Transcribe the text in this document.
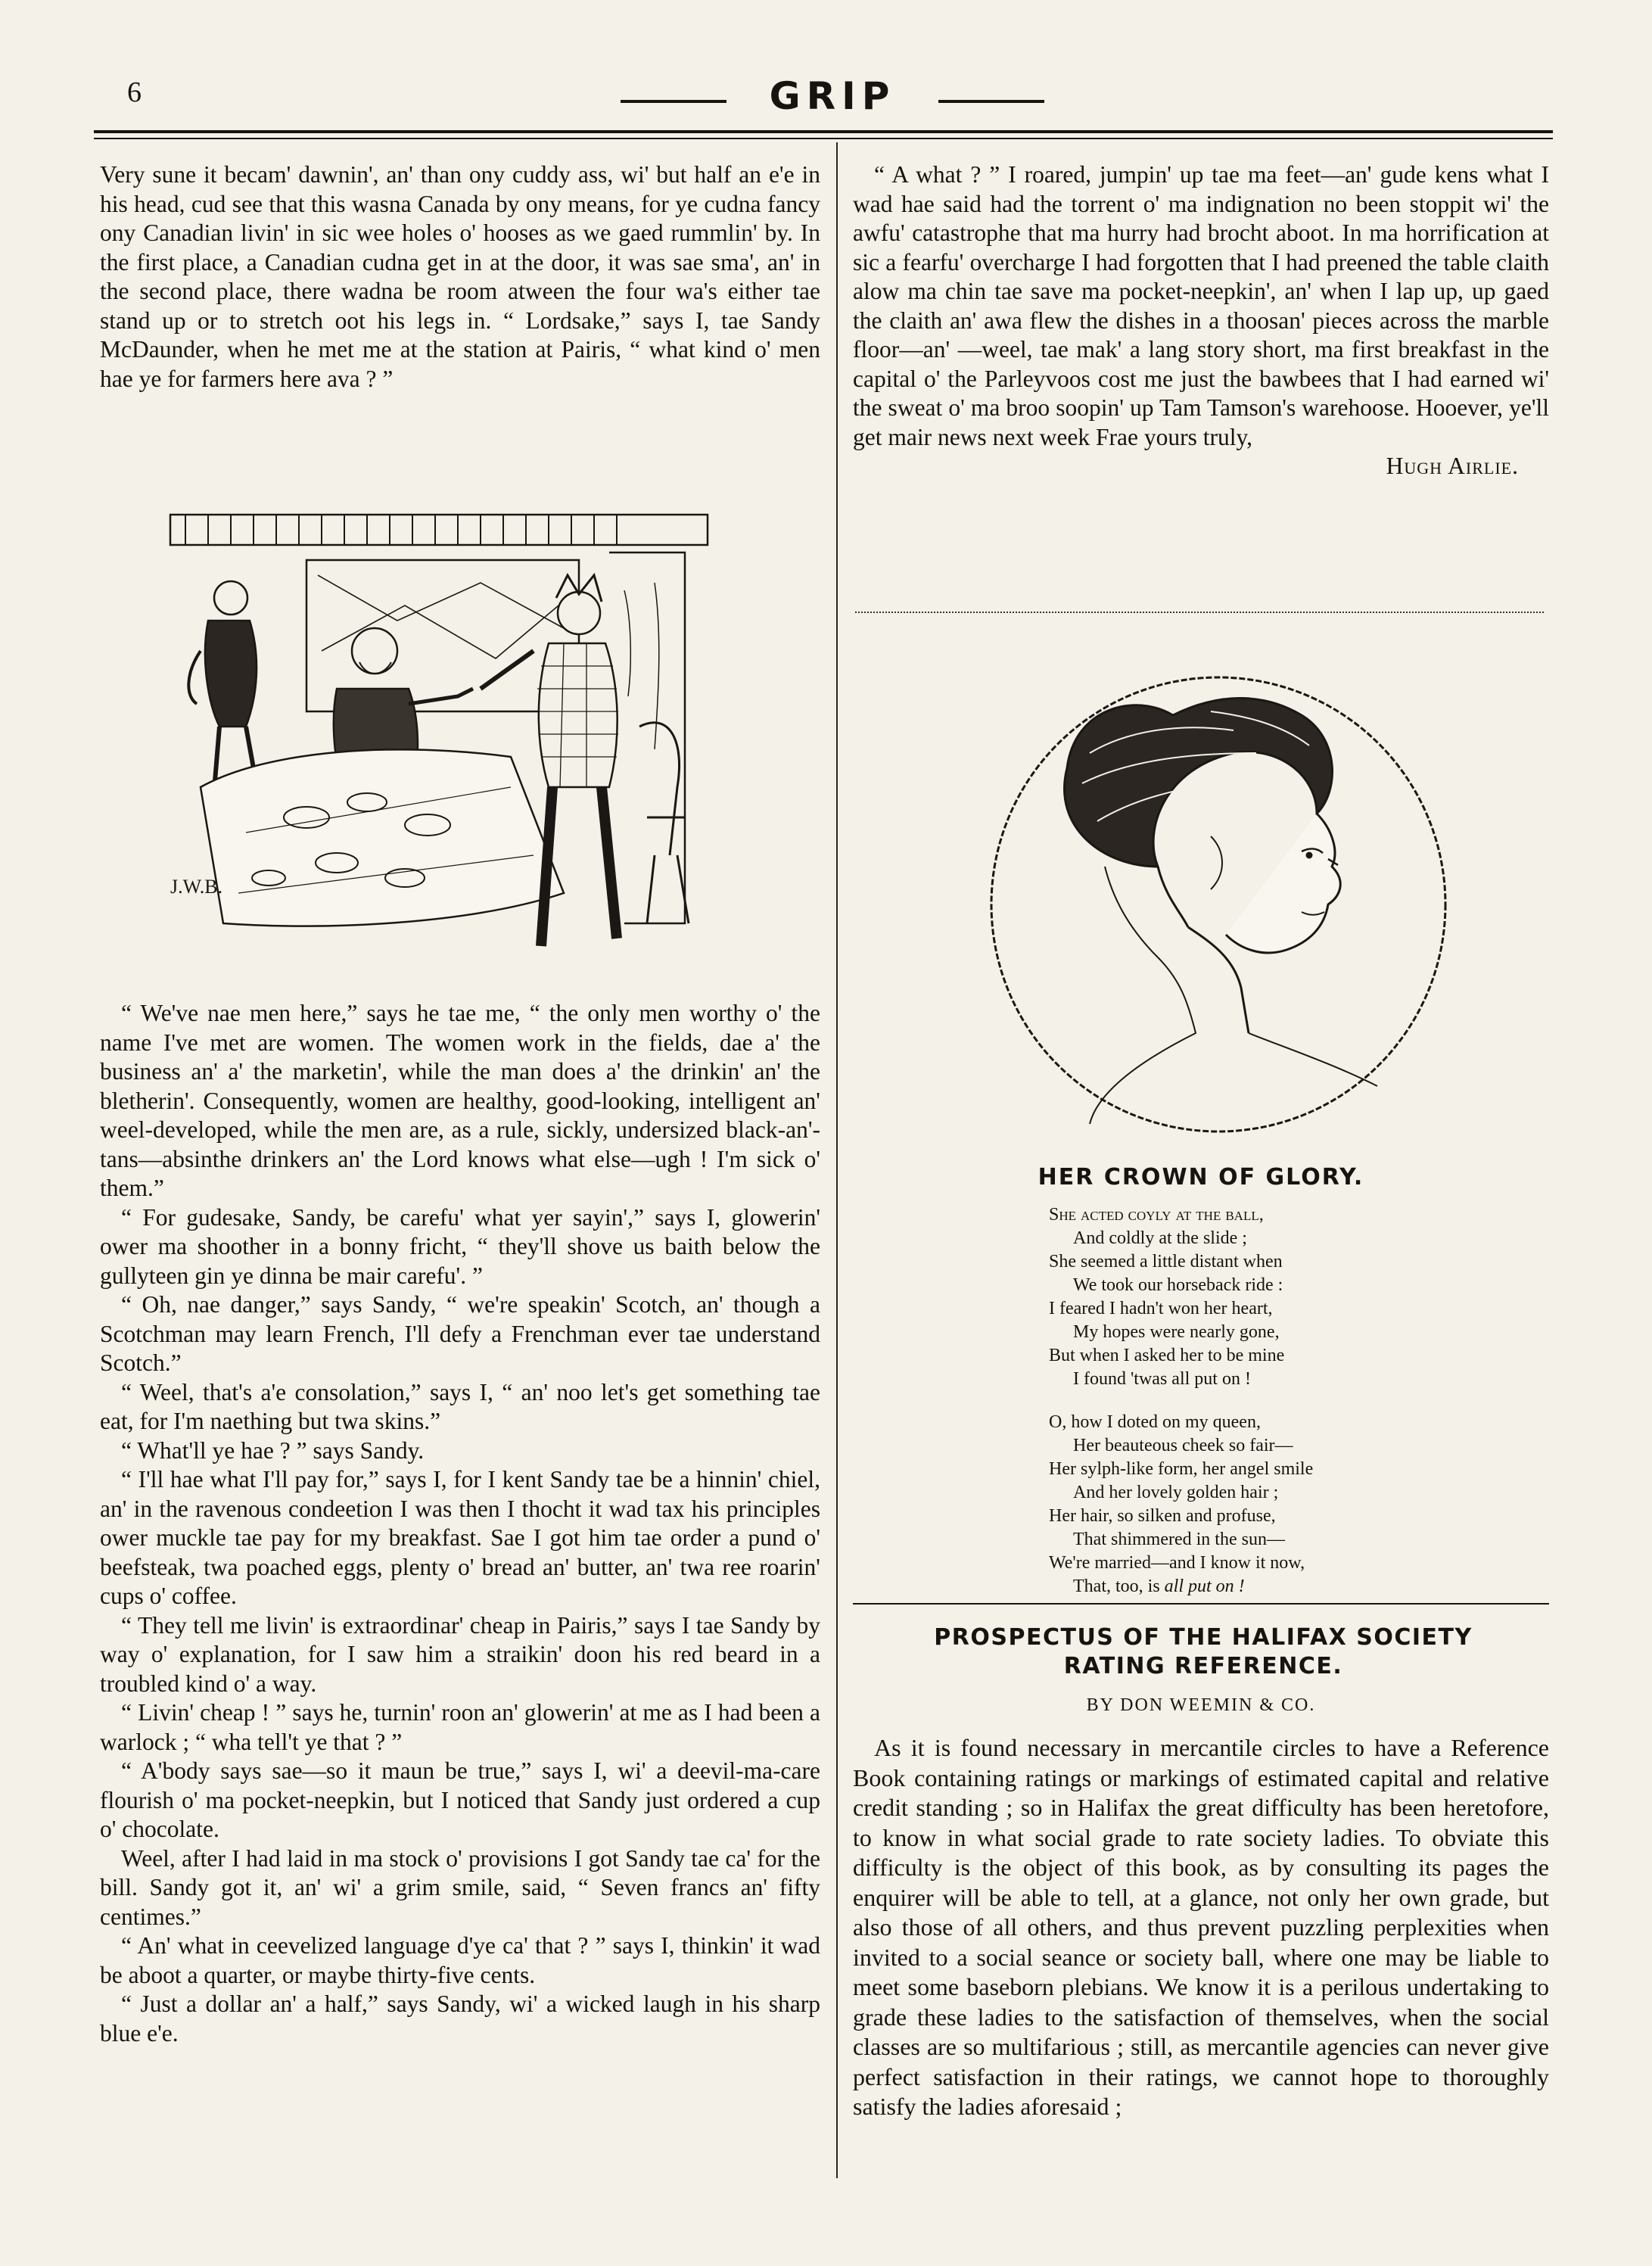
6	GRIP

Very sune it becam' dawnin', an' than ony cuddy ass, wi' but half an e'e in his head, cud see that this wasna Canada by ony means, for ye cudna fancy ony Canadian livin' in sic wee holes o' hooses as we gaed rummlin' by. In the first place, a Canadian cudna get in at the door, it was sae sma', an' in the second place, there wadna be room atween the four wa's either tae stand up or to stretch oot his legs in. “ Lordsake,” says I, tae Sandy McDaunder, when he met me at the station at Pairis, “ what kind o' men hae ye for farmers here ava ? ”

J.W.B.

“ We've nae men here,” says he tae me, “ the only men worthy o' the name I've met are women. The women work in the fields, dae a' the business an' a' the marketin', while the man does a' the drinkin' an' the bletherin'. Consequently, women are healthy, good-looking, intelligent an' weel-developed, while the men are, as a rule, sickly, undersized black-an'-tans—absinthe drinkers an' the Lord knows what else—ugh ! I'm sick o' them.”

“ For gudesake, Sandy, be carefu' what yer sayin',” says I, glowerin' ower ma shoother in a bonny fricht, “ they'll shove us baith below the gullyteen gin ye dinna be mair carefu'. ”

“ Oh, nae danger,” says Sandy, “ we're speakin' Scotch, an' though a Scotchman may learn French, I'll defy a Frenchman ever tae understand Scotch.”

“ Weel, that's a'e consolation,” says I, “ an' noo let's get something tae eat, for I'm naething but twa skins.”

“ What'll ye hae ? ” says Sandy.

“ I'll hae what I'll pay for,” says I, for I kent Sandy tae be a hinnin' chiel, an' in the ravenous condeetion I was then I thocht it wad tax his principles ower muckle tae pay for my breakfast. Sae I got him tae order a pund o' beefsteak, twa poached eggs, plenty o' bread an' butter, an' twa ree roarin' cups o' coffee.

“ They tell me livin' is extraordinar' cheap in Pairis,” says I tae Sandy by way o' explanation, for I saw him a straikin' doon his red beard in a troubled kind o' a way.

“ Livin' cheap ! ” says he, turnin' roon an' glowerin' at me as I had been a warlock ; “ wha tell't ye that ? ”

“ A'body says sae—so it maun be true,” says I, wi' a deevil-ma-care flourish o' ma pocket-neepkin, but I noticed that Sandy just ordered a cup o' chocolate.

Weel, after I had laid in ma stock o' provisions I got Sandy tae ca' for the bill. Sandy got it, an' wi' a grim smile, said, “ Seven francs an' fifty centimes.”

“ An' what in ceevelized language d'ye ca' that ? ” says I, thinkin' it wad be aboot a quarter, or maybe thirty-five cents.

“ Just a dollar an' a half,” says Sandy, wi' a wicked laugh in his sharp blue e'e.

“ A what ? ” I roared, jumpin' up tae ma feet—an' gude kens what I wad hae said had the torrent o' ma indignation no been stoppit wi' the awfu' catastrophe that ma hurry had brocht aboot. In ma horrification at sic a fearfu' overcharge I had forgotten that I had preened the table claith alow ma chin tae save ma pocket-neepkin', an' when I lap up, up gaed the claith an' awa flew the dishes in a thoosan' pieces across the marble floor—an' —weel, tae mak' a lang story short, ma first breakfast in the capital o' the Parleyvoos cost me just the bawbees that I had earned wi' the sweat o' ma broo soopin' up Tam Tamson's warehoose. Hooever, ye'll get mair news next week Frae yours truly,

Hugh Airlie.

HER CROWN OF GLORY.
She acted coyly at the ball,
And coldly at the slide ;
She seemed a little distant when
We took our horseback ride :
I feared I hadn't won her heart,
My hopes were nearly gone,
But when I asked her to be mine
I found 'twas all put on !
O, how I doted on my queen,
Her beauteous cheek so fair—
Her sylph-like form, her angel smile
And her lovely golden hair ;
Her hair, so silken and profuse,
That shimmered in the sun—
We're married—and I know it now,
That, too, is all put on !
PROSPECTUS OF THE HALIFAX SOCIETY
RATING REFERENCE.
BY DON WEEMIN & CO.

As it is found necessary in mercantile circles to have a Reference Book containing ratings or markings of estimated capital and relative credit standing ; so in Halifax the great difficulty has been heretofore, to know in what social grade to rate society ladies. To obviate this difficulty is the object of this book, as by consulting its pages the enquirer will be able to tell, at a glance, not only her own grade, but also those of all others, and thus prevent puzzling perplexities when invited to a social seance or society ball, where one may be liable to meet some baseborn plebians. We know it is a perilous undertaking to grade these ladies to the satisfaction of themselves, when the social classes are so multifarious ; still, as mercantile agencies can never give perfect satisfaction in their ratings, we cannot hope to thoroughly satisfy the ladies aforesaid ;
